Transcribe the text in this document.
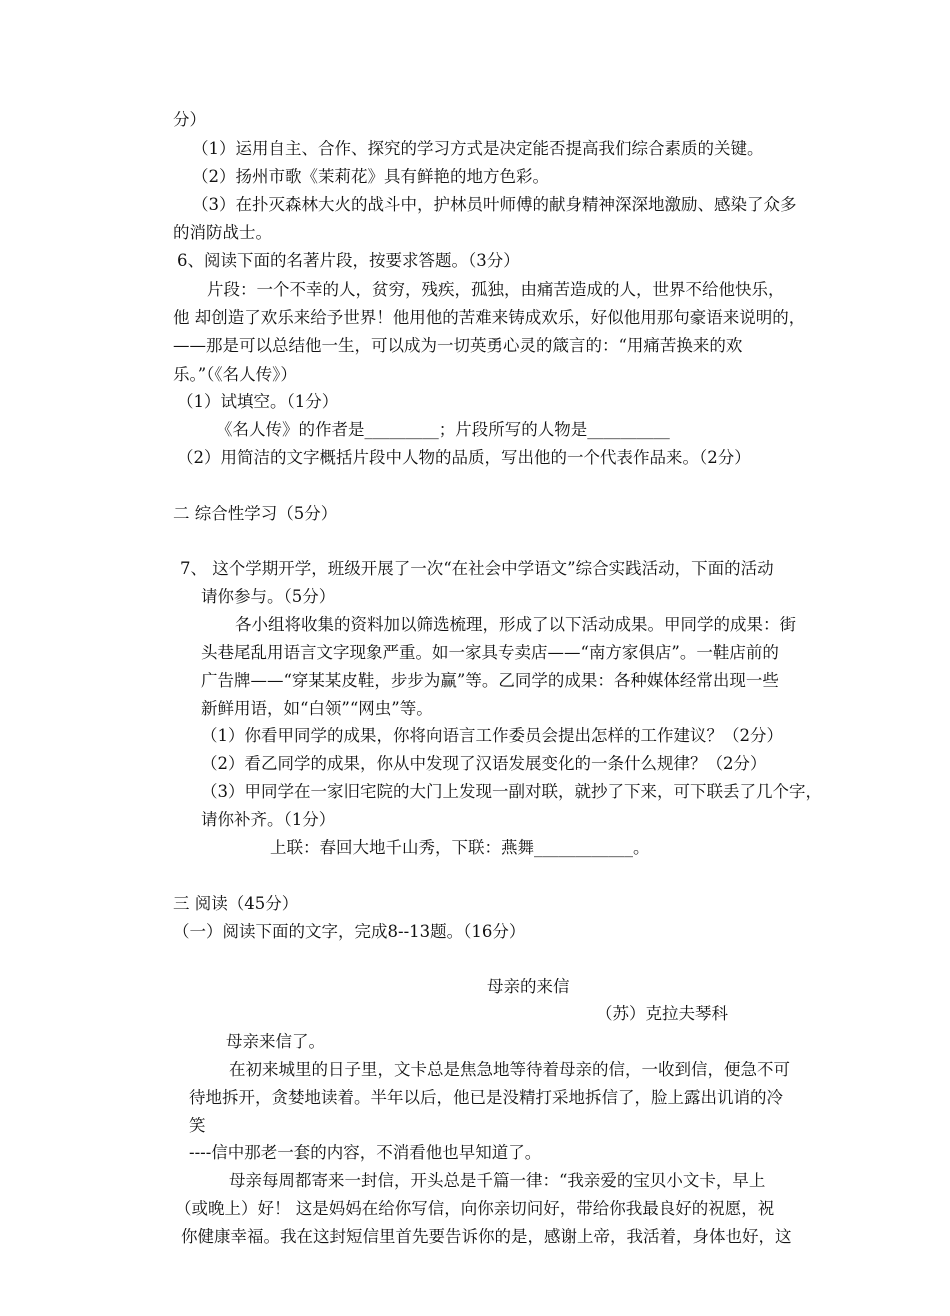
分）
（1）运用自主、合作、探究的学习方式是决定能否提高我们综合素质的关键。
（2）扬州市歌《茉莉花》具有鲜艳的地方色彩。
（3）在扑灭森林大火的战斗中，护林员叶师傅的献身精神深深地激励、感染了众多
的消防战士。
6、阅读下面的名著片段，按要求答题。（3分）
片段：一个不幸的人，贫穷，残疾，孤独，由痛苦造成的人，世界不给他快乐，
他 却创造了欢乐来给予世界！他用他的苦难来铸成欢乐，好似他用那句豪语来说明的，
——那是可以总结他一生，可以成为一切英勇心灵的箴言的：“用痛苦换来的欢
乐。”（《名人传》）
（1）试填空。（1分）
《名人传》的作者是_________；片段所写的人物是__________
（2）用简洁的文字概括片段中人物的品质，写出他的一个代表作品来。（2分）
二 综合性学习（5分）
7、 这个学期开学，班级开展了一次“在社会中学语文”综合实践活动，下面的活动
请你参与。（5分）
各小组将收集的资料加以筛选梳理，形成了以下活动成果。甲同学的成果：街
头巷尾乱用语言文字现象严重。如一家具专卖店——“南方家俱店”。一鞋店前的
广告牌——“穿某某皮鞋，步步为赢”等。乙同学的成果：各种媒体经常出现一些
新鲜用语，如“白领”“网虫”等。
（1）你看甲同学的成果，你将向语言工作委员会提出怎样的工作建议？（2分）
（2）看乙同学的成果，你从中发现了汉语发展变化的一条什么规律？（2分）
（3）甲同学在一家旧宅院的大门上发现一副对联，就抄了下来，可下联丢了几个字，
请你补齐。（1分）
上联：春回大地千山秀，下联：燕舞____________。
三 阅读（45分）
（一）阅读下面的文字，完成8--13题。（16分）
母亲的来信
（苏）克拉夫琴科
母亲来信了。
在初来城里的日子里，文卡总是焦急地等待着母亲的信，一收到信，便急不可
待地拆开，贪婪地读着。半年以后，他已是没精打采地拆信了，脸上露出讥诮的冷
笑
----信中那老一套的内容，不消看他也早知道了。
母亲每周都寄来一封信，开头总是千篇一律：“我亲爱的宝贝小文卡，早上
（或晚上）好！ 这是妈妈在给你写信，向你亲切问好，带给你我最良好的祝愿，祝
你健康幸福。我在这封短信里首先要告诉你的是，感谢上帝，我活着，身体也好，这
